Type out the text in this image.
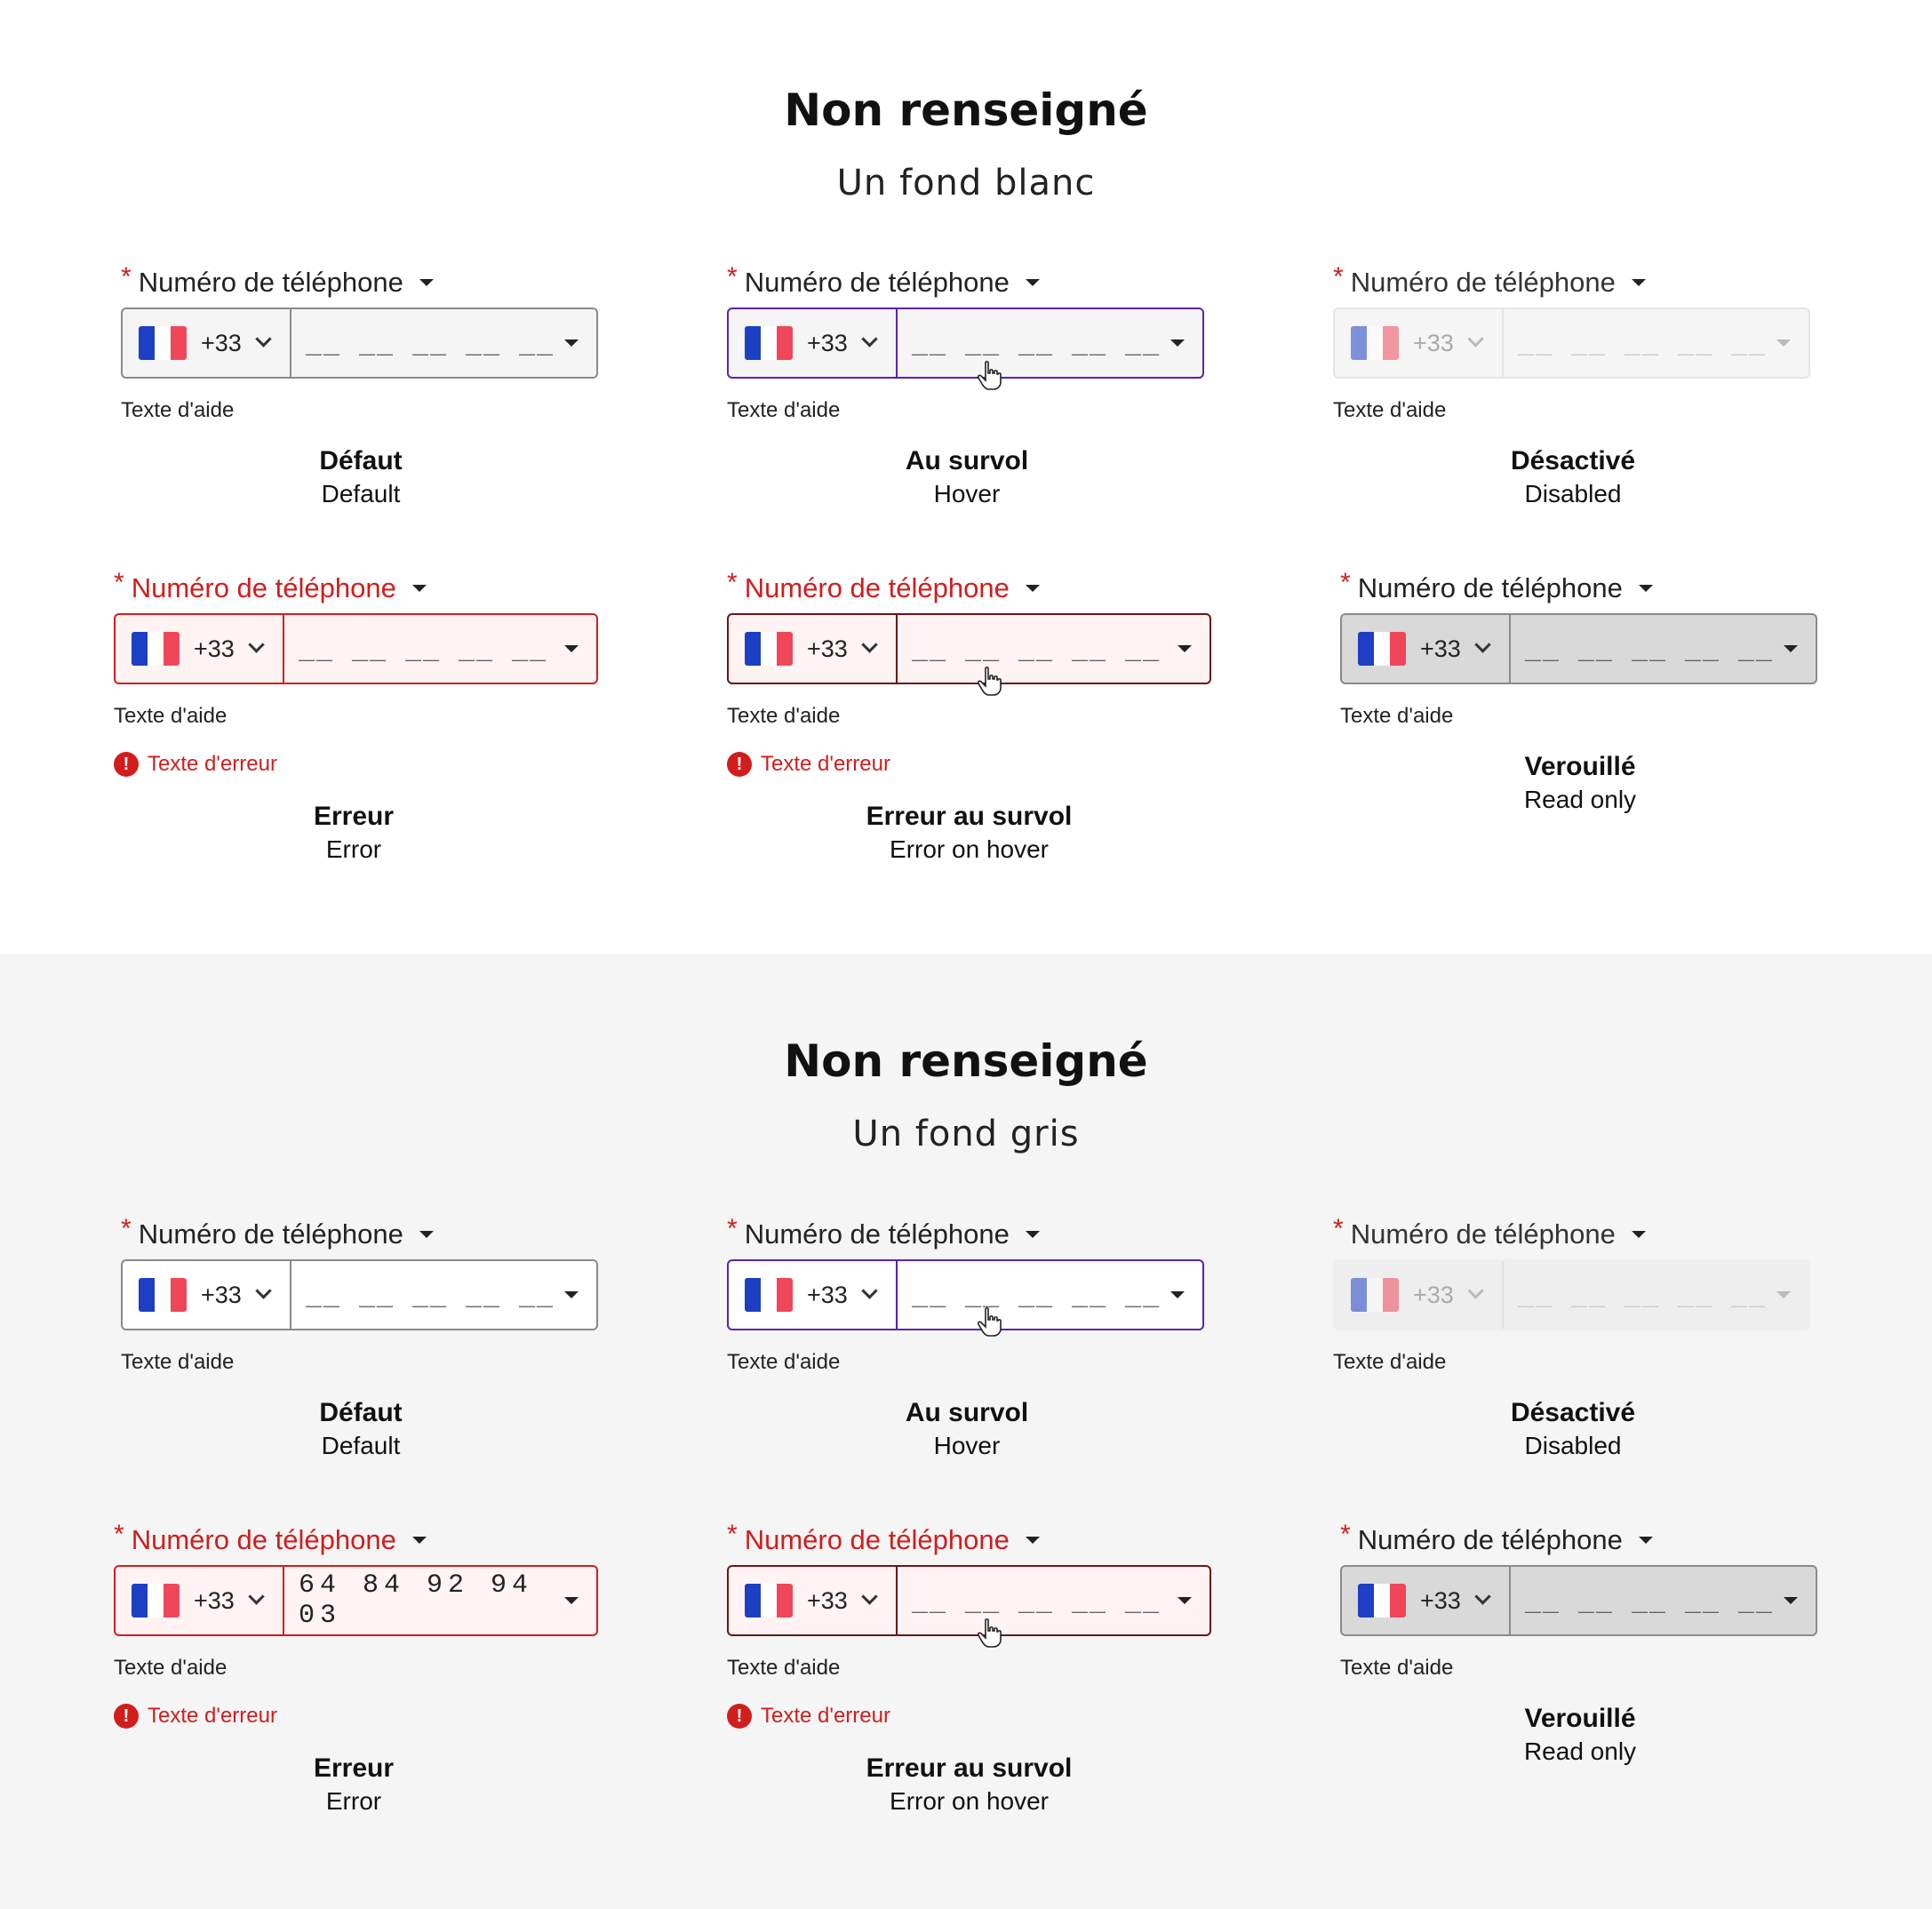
Non renseigné
Un fond blanc
* Numéro de téléphone
+33 __ __ __ __ __
Texte d'aide
Défaut
Default
* Numéro de téléphone
+33 __ __ __ __ __
Texte d'aide
Au survol
Hover
* Numéro de téléphone
+33 __ __ __ __ __
Texte d'aide
Désactivé
Disabled
* Numéro de téléphone
+33 __ __ __ __ __
Texte d'aide
! Texte d'erreur
Erreur
Error
* Numéro de téléphone
+33 __ __ __ __ __
Texte d'aide
! Texte d'erreur
Erreur au survol
Error on hover
* Numéro de téléphone
+33 __ __ __ __ __
Texte d'aide
Verouillé
Read only
Non renseigné
Un fond gris
* Numéro de téléphone
+33 __ __ __ __ __
Texte d'aide
Défaut
Default
* Numéro de téléphone
+33 __ __ __ __ __
Texte d'aide
Au survol
Hover
* Numéro de téléphone
+33 __ __ __ __ __
Texte d'aide
Désactivé
Disabled
* Numéro de téléphone
+33 64 84 92 94 03
Texte d'aide
! Texte d'erreur
Erreur
Error
* Numéro de téléphone
+33 __ __ __ __ __
Texte d'aide
! Texte d'erreur
Erreur au survol
Error on hover
* Numéro de téléphone
+33 __ __ __ __ __
Texte d'aide
Verouillé
Read only
